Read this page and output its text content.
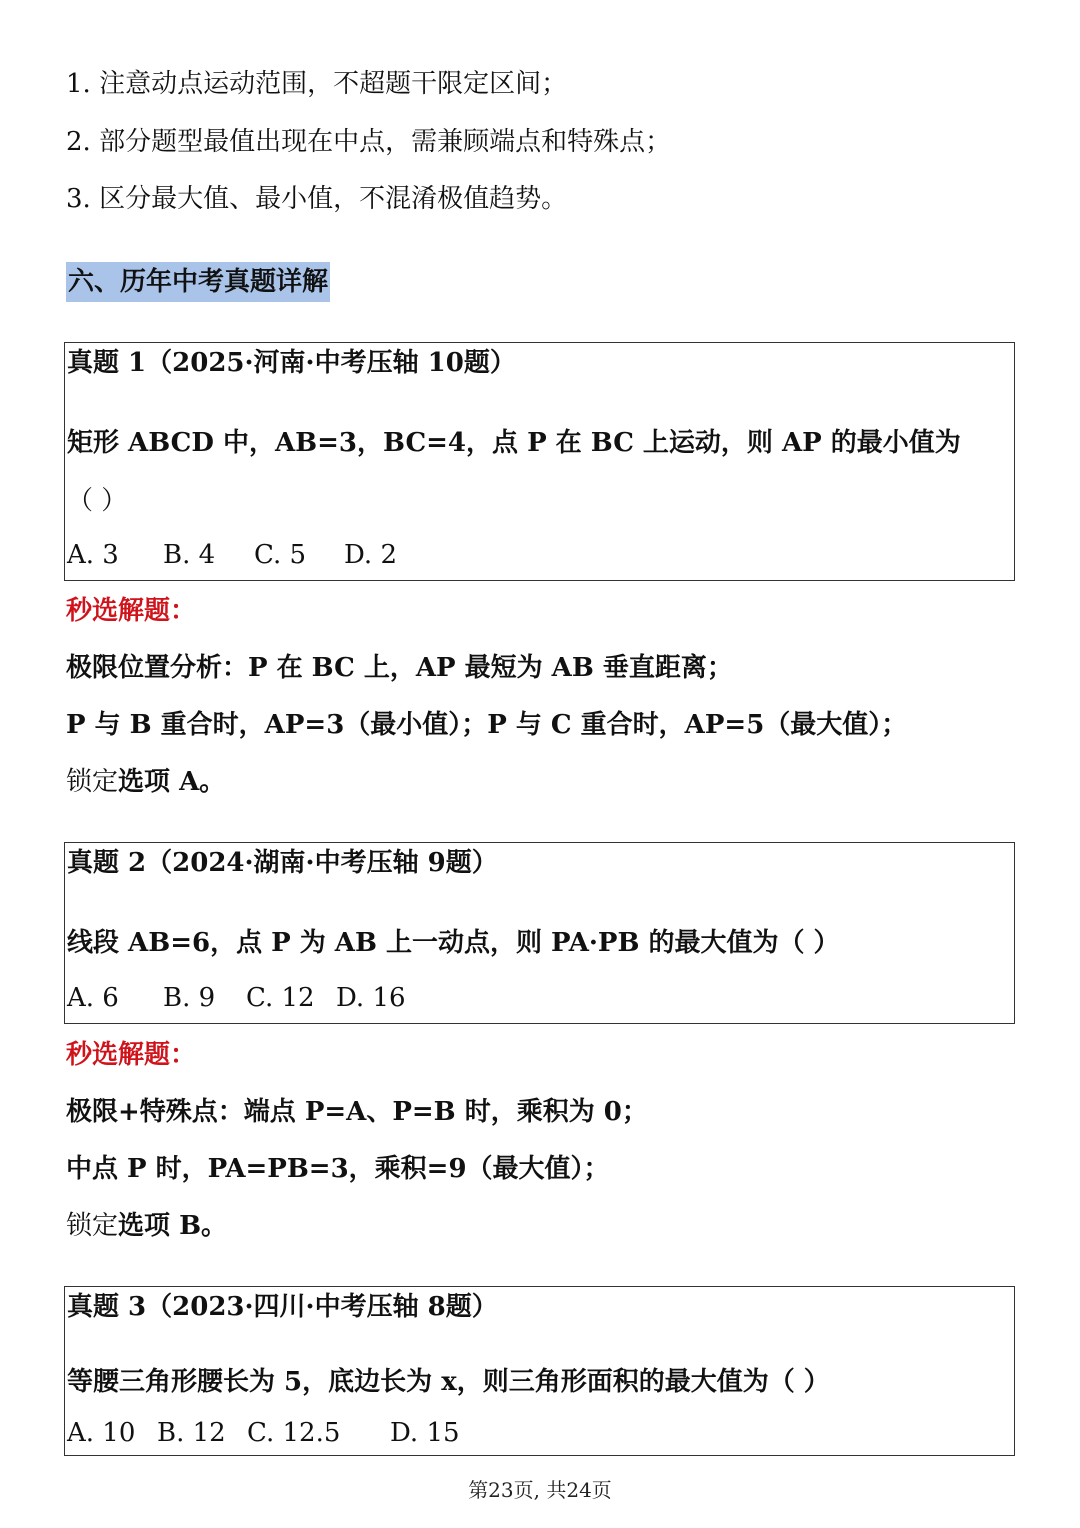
1. 注意动点运动范围，不超题干限定区间；
2. 部分题型最值出现在中点，需兼顾端点和特殊点；
3. 区分最大值、最小值，不混淆极值趋势。
六、历年中考真题详解
真题 1（2025·河南·中考压轴 10题）
矩形 ABCD 中，AB=3，BC=4，点 P 在 BC 上运动，则 AP 的最小值为
（ ）
A. 3 B. 4 C. 5 D. 2
秒选解题：
极限位置分析：P 在 BC 上，AP 最短为 AB 垂直距离；
P 与 B 重合时，AP=3（最小值）；P 与 C 重合时，AP=5（最大值）；
锁定选项 A。
真题 2（2024·湖南·中考压轴 9题）
线段 AB=6，点 P 为 AB 上一动点，则 PA·PB 的最大值为（ ）
A. 6 B. 9 C. 12 D. 16
秒选解题：
极限+特殊点：端点 P=A、P=B 时，乘积为 0；
中点 P 时，PA=PB=3，乘积=9（最大值）；
锁定选项 B。
真题 3（2023·四川·中考压轴 8题）
等腰三角形腰长为 5，底边长为 x，则三角形面积的最大值为（ ）
A. 10 B. 12 C. 12.5 D. 15
第23页, 共24页
